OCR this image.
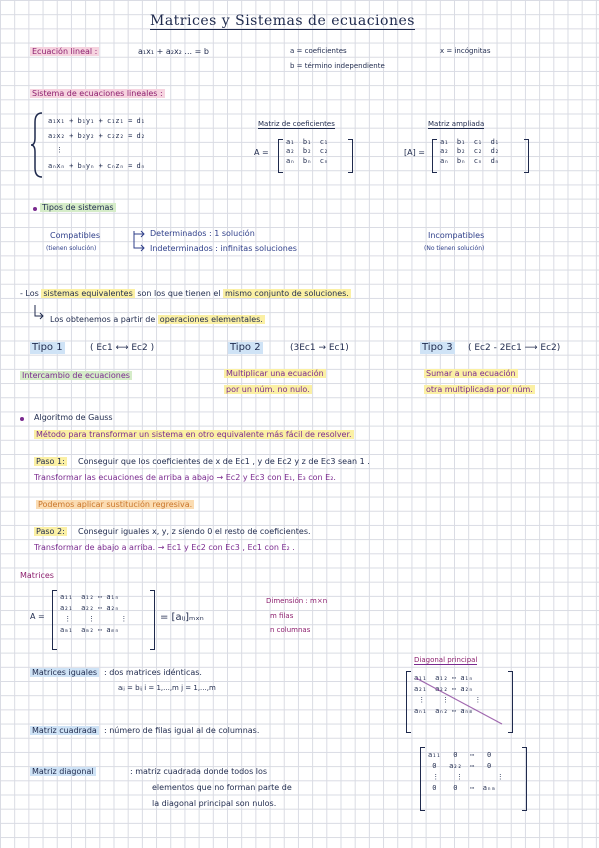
Matrices y Sistemas de ecuaciones
Ecuación lineal :	a₁x₁ + a₂x₂ ... = b	a = coeficientes
b = término independiente
x = incógnitas
Sistema de ecuaciones lineales :
a₁x₁ + b₁y₁ + c₁z₁ = d₁
a₂x₂ + b₂y₂ + c₂z₂ = d₂
⋮
aₙxₙ + bₙyₙ + cₙzₙ = dₙ
Matriz de coeficientes
A =
a₁  b₁  c₁
a₂  b₂  c₂
aₙ  bₙ  cₙ
Matriz ampliada
[A] =
a₁  b₁  c₁  d₁
a₂  b₂  c₂  d₂
aₙ  bₙ  cₙ  dₙ
Tipos de sistemas
Compatibles
(tienen solución)
Determinados : 1 solución
Indeterminados : infinitas soluciones
Incompatibles
(No tienen solución)
- Los sistemas equivalentes son los que tienen el mismo conjunto de soluciones.
Los obtenemos a partir de operaciones elementales.
Tipo 1	( Ec1 ⟷ Ec2 )
Intercambio de ecuaciones
Tipo 2	(3Ec1 → Ec1)
Multiplicar una ecuación
por un núm. no nulo.
Tipo 3 ( Ec2 - 2Ec1 ⟶ Ec2)
Sumar a una ecuación
otra multiplicada por núm.
Algoritmo de Gauss
Método para transformar un sistema en otro equivalente más fácil de resolver.
Paso 1: Conseguir que los coeficientes de x de Ec1 , y de Ec2 y z de Ec3 sean 1 .
Transformar las ecuaciones de arriba a abajo → Ec2 y Ec3 con E₁, E₃ con E₂.
Podemos aplicar sustitución regresiva.
Paso 2: Conseguir iguales x, y, z siendo 0 el resto de coeficientes.
Transformar de abajo a arriba. → Ec1 y Ec2 con Ec3 , Ec1 con E₂ .
Matrices
A =
a₁₁  a₁₂ ⋯ a₁ₙ
a₂₁  a₂₂ ⋯ a₂ₙ
⋮    ⋮      ⋮
aₘ₁  aₘ₂ ⋯ aₘₙ
= [aᵢⱼ]ₘₓₙ
Dimensión : m×n
m filas
n columnas
Matrices iguales : dos matrices idénticas.
aᵢⱼ = bᵢⱼ i = 1,...,m j = 1,...,m
Diagonal principal
a₁₁  a₁₂ ⋯ a₁ₙ
a₂₁  a₂₂ ⋯ a₂ₙ
⋮    ⋮      ⋮
aₙ₁  aₙ₂ ⋯ aₙₘ
Matriz cuadrada : número de filas igual al de columnas.
Matriz diagonal	: matriz cuadrada donde todos los
elementos que no forman parte de
la diagonal principal son nulos.
a₁₁   0   ⋯   0
0   a₂₂  ⋯   0
⋮    ⋮        ⋮
0    0   ⋯  aₙₘ
